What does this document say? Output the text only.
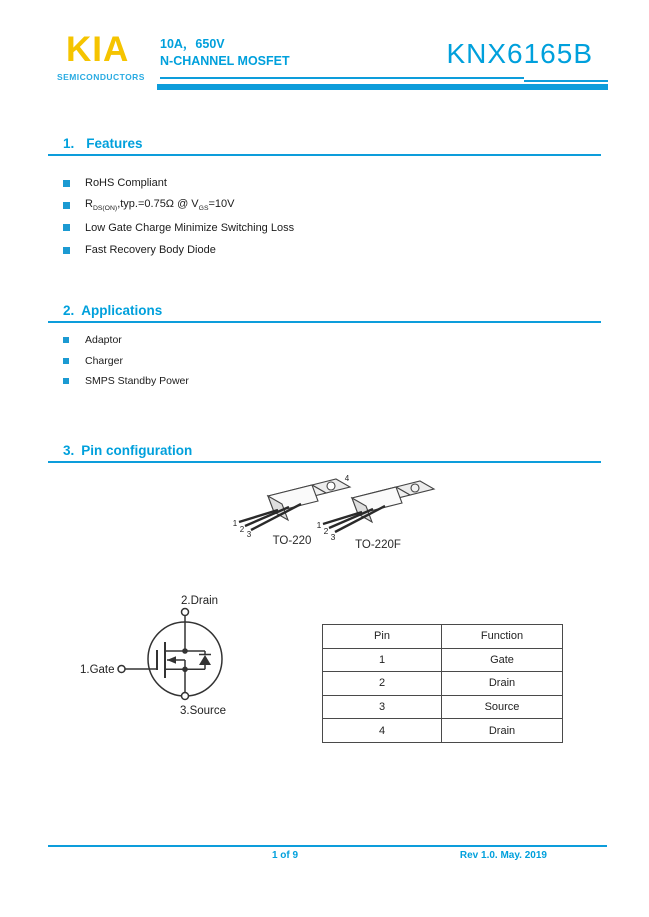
KIA
SEMICONDUCTORS
10A，650V
N-CHANNEL MOSFET	KNX6165B
1. Features
RoHS Compliant
$R_{DS(ON)},typ.=0.75\Omega$ @ $V_{GS}=10V$
Low Gate Charge Minimize Switching Loss
Fast Recovery Body Diode
2. Applications
Adaptor
Charger
SMPS Standby Power
3. Pin configuration
1
2
3
4
TO-220
1
2
3
TO-220F
2.Drain
1.Gate
3.Source
Pin	Function
1	Gate
2	Drain
3	Source
4	Drain
1 of 9	Rev 1.0. May. 2019
